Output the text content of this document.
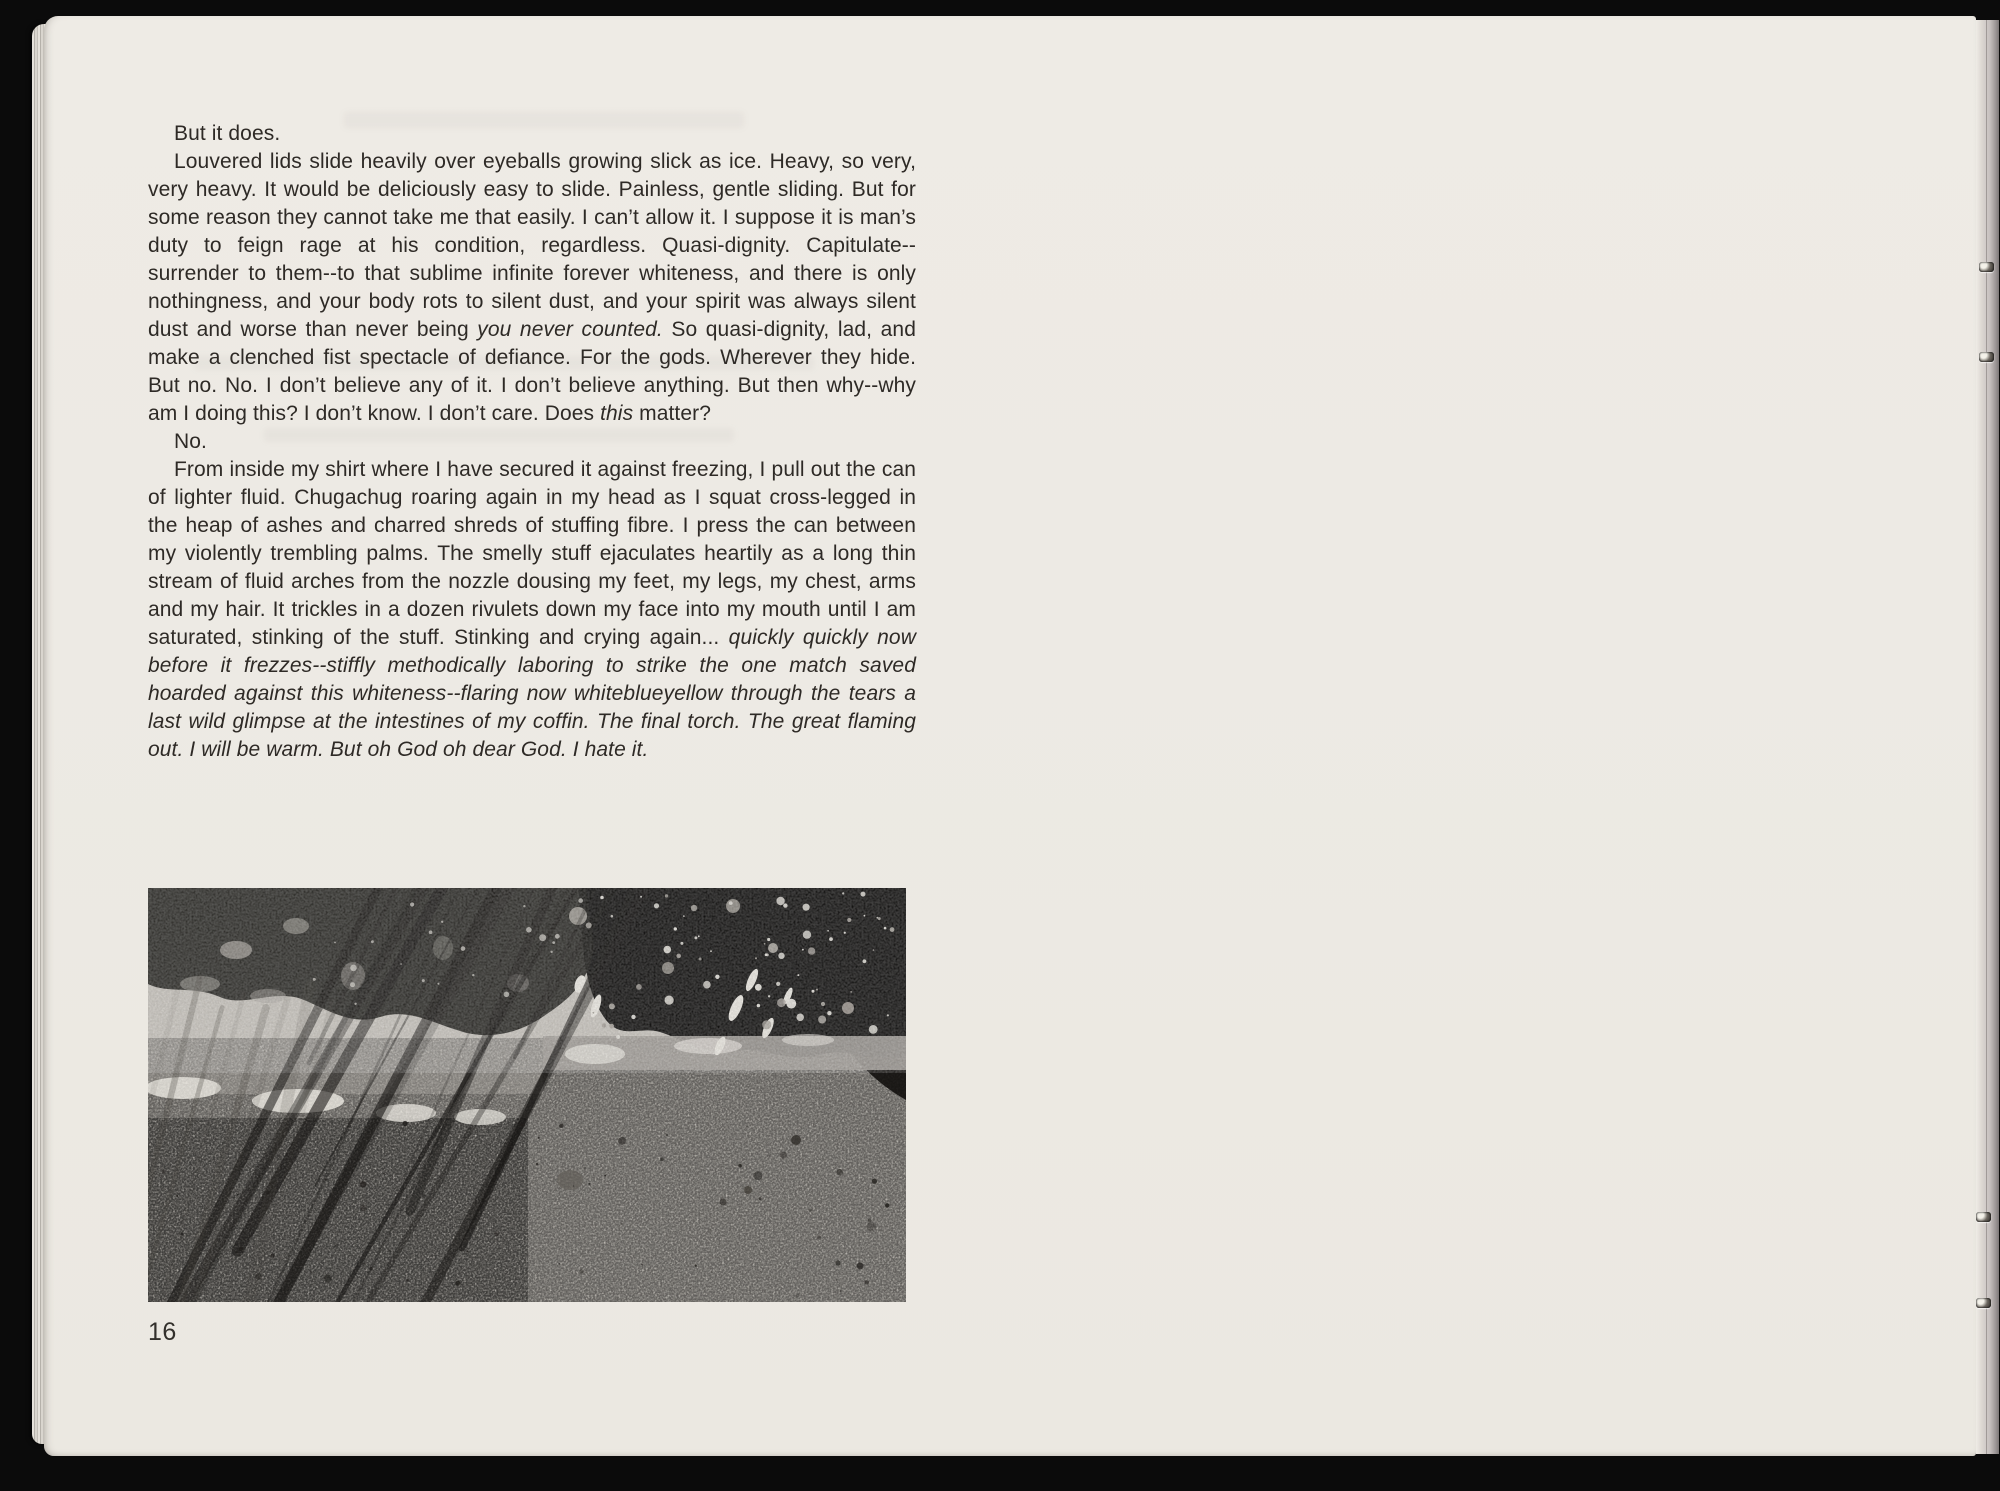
But it does.

Louvered lids slide heavily over eyeballs growing slick as ice. Heavy, so very, very heavy. It would be deliciously easy to slide. Painless, gentle sliding. But for some reason they cannot take me that easily. I can’t allow it. I suppose it is man’s duty to feign rage at his condition, regardless. Quasi-dignity. Capitulate--surrender to them--to that sublime infinite forever whiteness, and there is only nothingness, and your body rots to silent dust, and your spirit was always silent dust and worse than never being you never counted. So quasi-dignity, lad, and make a clenched fist spectacle of defiance. For the gods. Wherever they hide. But no. No. I don’t believe any of it. I don’t believe anything. But then why--why am I doing this? I don’t know. I don’t care. Does this matter?

No.

From inside my shirt where I have secured it against freezing, I pull out the can of lighter fluid. Chugachug roaring again in my head as I squat cross-legged in the heap of ashes and charred shreds of stuffing fibre. I press the can between my violently trembling palms. The smelly stuff ejaculates heartily as a long thin stream of fluid arches from the nozzle dousing my feet, my legs, my chest, arms and my hair. It trickles in a dozen rivulets down my face into my mouth until I am saturated, stinking of the stuff. Stinking and crying again... quickly quickly now before it frezzes--stiffly methodically laboring to strike the one match saved hoarded against this whiteness--flaring now whiteblueyellow through the tears a last wild glimpse at the intestines of my coffin. The final torch. The great flaming out. I will be warm. But oh God oh dear God. I hate it.

16
